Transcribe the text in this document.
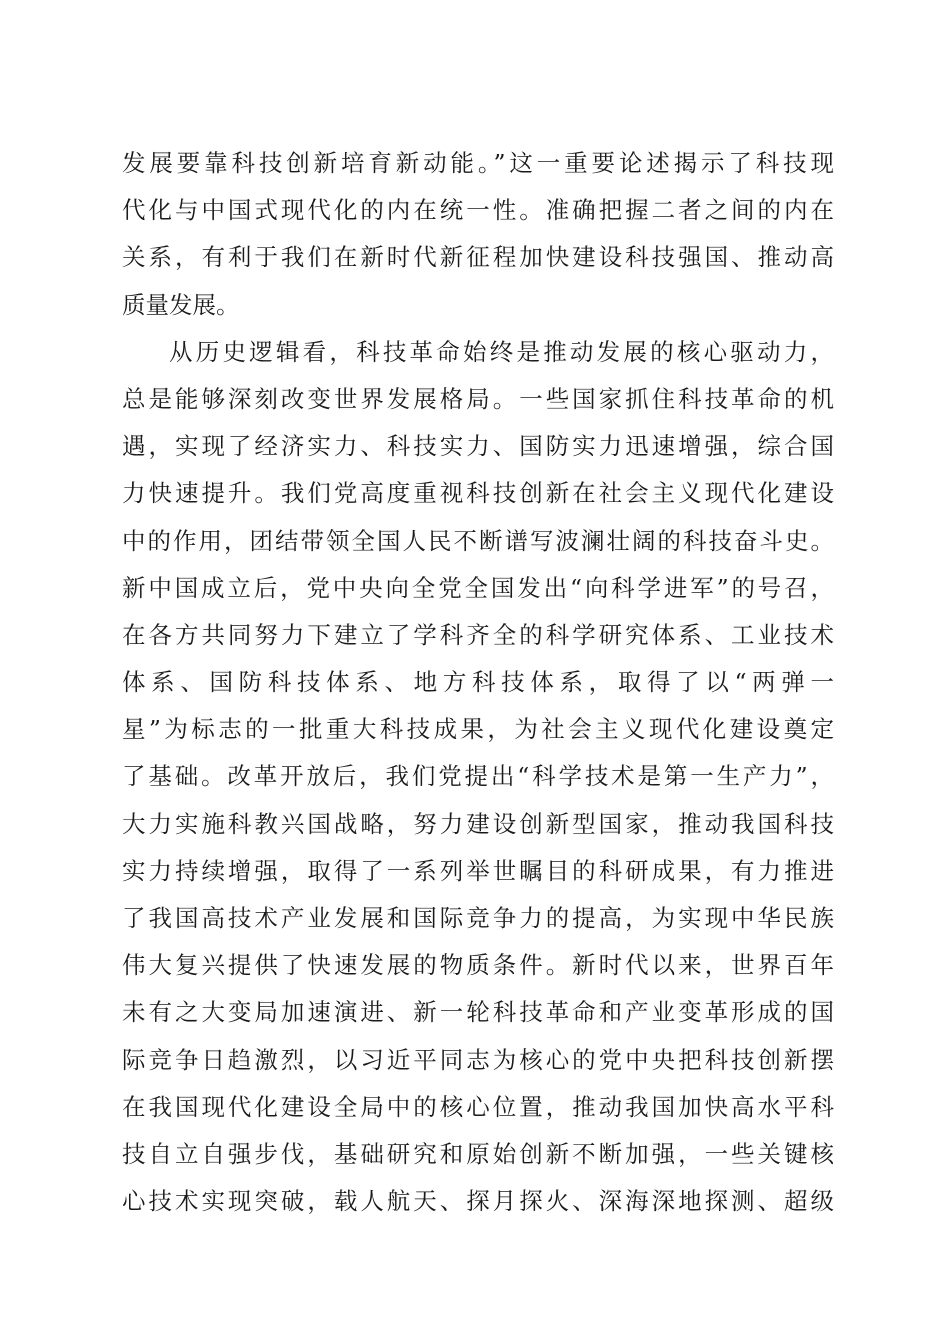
发展要靠科技创新培育新动能。”这一重要论述揭示了科技现
代化与中国式现代化的内在统一性。准确把握二者之间的内在
关系，有利于我们在新时代新征程加快建设科技强国、推动高
质量发展。
从历史逻辑看，科技革命始终是推动发展的核心驱动力，
总是能够深刻改变世界发展格局。一些国家抓住科技革命的机
遇，实现了经济实力、科技实力、国防实力迅速增强，综合国
力快速提升。我们党高度重视科技创新在社会主义现代化建设
中的作用，团结带领全国人民不断谱写波澜壮阔的科技奋斗史。
新中国成立后，党中央向全党全国发出“向科学进军”的号召，
在各方共同努力下建立了学科齐全的科学研究体系、工业技术
体系、国防科技体系、地方科技体系，取得了以“两弹一
星”为标志的一批重大科技成果，为社会主义现代化建设奠定
了基础。改革开放后，我们党提出“科学技术是第一生产力”，
大力实施科教兴国战略，努力建设创新型国家，推动我国科技
实力持续增强，取得了一系列举世瞩目的科研成果，有力推进
了我国高技术产业发展和国际竞争力的提高，为实现中华民族
伟大复兴提供了快速发展的物质条件。新时代以来，世界百年
未有之大变局加速演进、新一轮科技革命和产业变革形成的国
际竞争日趋激烈，以习近平同志为核心的党中央把科技创新摆
在我国现代化建设全局中的核心位置，推动我国加快高水平科
技自立自强步伐，基础研究和原始创新不断加强，一些关键核
心技术实现突破，载人航天、探月探火、深海深地探测、超级
